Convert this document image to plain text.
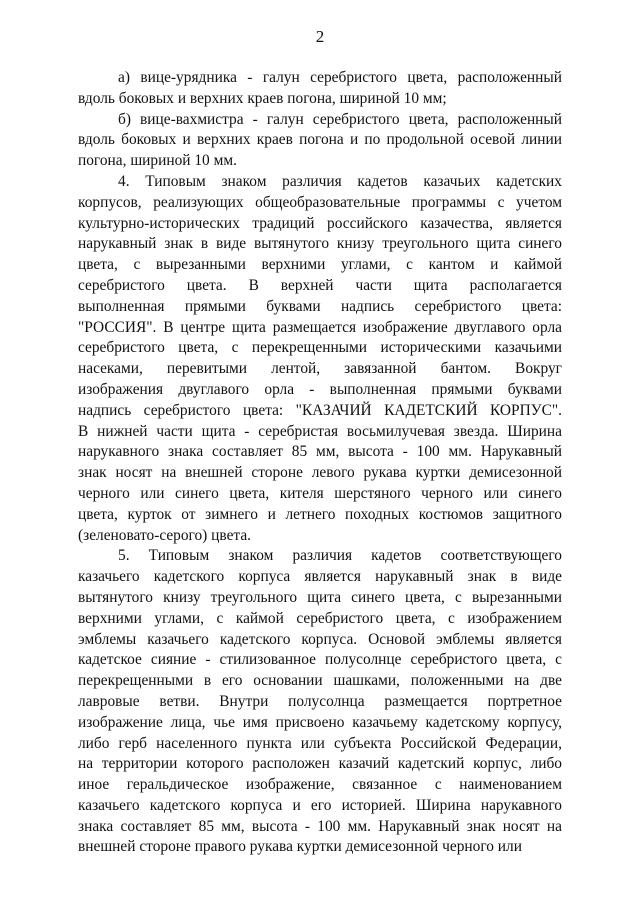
2

а) вице-урядника - галун серебристого цвета, расположенный
вдоль боковых и верхних краев погона, шириной 10 мм;

б) вице-вахмистра - галун серебристого цвета, расположенный
вдоль боковых и верхних краев погона и по продольной осевой линии
погона, шириной 10 мм.

4. Типовым знаком различия кадетов казачьих кадетских
корпусов, реализующих общеобразовательные программы с учетом
культурно-исторических традиций российского казачества, является
нарукавный знак в виде вытянутого книзу треугольного щита синего
цвета, с вырезанными верхними углами, с кантом и каймой
серебристого цвета. В верхней части щита располагается
выполненная прямыми буквами надпись серебристого цвета:
"РОССИЯ". В центре щита размещается изображение двуглавого орла
серебристого цвета, с перекрещенными историческими казачьими
насеками, перевитыми лентой, завязанной бантом. Вокруг
изображения двуглавого орла - выполненная прямыми буквами
надпись серебристого цвета: "КАЗАЧИЙ КАДЕТСКИЙ КОРПУС".
В нижней части щита - серебристая восьмилучевая звезда. Ширина
нарукавного знака составляет 85 мм, высота - 100 мм. Нарукавный
знак носят на внешней стороне левого рукава куртки демисезонной
черного или синего цвета, кителя шерстяного черного или синего
цвета, курток от зимнего и летнего походных костюмов защитного
(зеленовато-серого) цвета.

5. Типовым знаком различия кадетов соответствующего
казачьего кадетского корпуса является нарукавный знак в виде
вытянутого книзу треугольного щита синего цвета, с вырезанными
верхними углами, с каймой серебристого цвета, с изображением
эмблемы казачьего кадетского корпуса. Основой эмблемы является
кадетское сияние - стилизованное полусолнце серебристого цвета, с
перекрещенными в его основании шашками, положенными на две
лавровые ветви. Внутри полусолнца размещается портретное
изображение лица, чье имя присвоено казачьему кадетскому корпусу,
либо герб населенного пункта или субъекта Российской Федерации,
на территории которого расположен казачий кадетский корпус, либо
иное геральдическое изображение, связанное с наименованием
казачьего кадетского корпуса и его историей. Ширина нарукавного
знака составляет 85 мм, высота - 100 мм. Нарукавный знак носят на
внешней стороне правого рукава куртки демисезонной черного или
